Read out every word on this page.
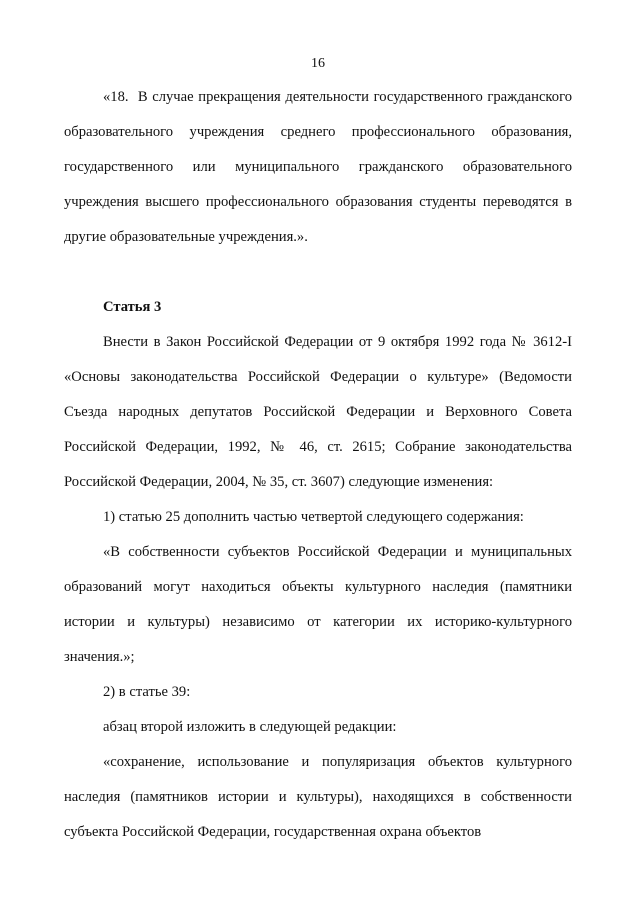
16

«18.  В случае прекращения деятельности государственного гражданского образовательного учреждения среднего профессионального образования, государственного или муниципального гражданского образовательного учреждения высшего профессионального образования студенты переводятся в другие образовательные учреждения.».

Статья 3

Внести в Закон Российской Федерации от 9 октября 1992 года № 3612-I «Основы законодательства Российской Федерации о культуре» (Ведомости Съезда народных депутатов Российской Федерации и Верховного Совета Российской Федерации, 1992, № 46, ст. 2615; Собрание законодательства Российской Федерации, 2004, № 35, ст. 3607) следующие изменения:

1) статью 25 дополнить частью четвертой следующего содержания:

«В собственности субъектов Российской Федерации и муниципальных образований могут находиться объекты культурного наследия (памятники истории и культуры) независимо от категории их историко-культурного значения.»;

2) в статье 39:

абзац второй изложить в следующей редакции:

«сохранение, использование и популяризация объектов культурного наследия (памятников истории и культуры), находящихся в собственности субъекта Российской Федерации, государственная охрана объектов
